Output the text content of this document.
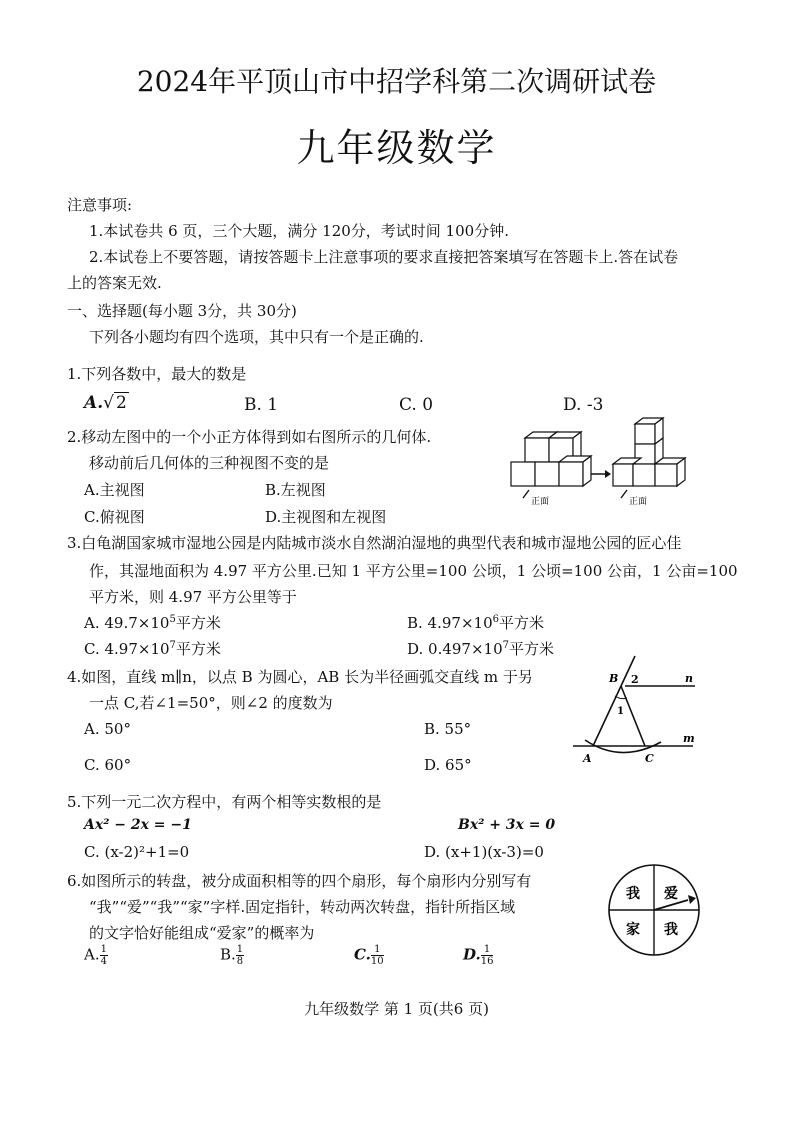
2024年平顶山市中招学科第二次调研试卷
九年级数学
注意事项:
1.本试卷共 6 页，三个大题，满分 120分，考试时间 100分钟.
2.本试卷上不要答题，请按答题卡上注意事项的要求直接把答案填写在答题卡上.答在试卷
上的答案无效.
一、选择题(每小题 3分，共 30分)
下列各小题均有四个选项，其中只有一个是正确的.
1.下列各数中，最大的数是
A.√ 2	B. 1	C. 0	D. -3
2.移动左图中的一个小正方体得到如右图所示的几何体.
移动前后几何体的三种视图不变的是
A.主视图	B.左视图
C.俯视图	D.主视图和左视图
正面	正面
3.白龟湖国家城市湿地公园是内陆城市淡水自然湖泊湿地的典型代表和城市湿地公园的匠心佳
作，其湿地面积为 4.97 平方公里.已知 1 平方公里=100 公顷，1 公顷=100 公亩，1 公亩=100
平方米，则 4.97 平方公里等于
A. $49.7\times 10^5$平方米	B. $4.97\times 10^6$平方米
C. $4.97\times 10^7$平方米	D. $0.497\times 10^7$平方米
4.如图，直线 m∥n，以点 B 为圆心，AB 长为半径画弧交直线 m 于另
一点 C,若∠1=50°，则∠2 的度数为
A. 50°	B. 55°
C. 60°	D. 65°
B 2
1
n
m
A	C
5.下列一元二次方程中，有两个相等实数根的是
Ax² − 2x = −1	Bx² + 3x = 0
C. (x-2)²+1=0	D. (x+1)(x-3)=0
6.如图所示的转盘，被分成面积相等的四个扇形，每个扇形内分别写有
“我”“爱”“我”“家”字样.固定指针，转动两次转盘，指针所指区域
的文字恰好能组成“爱家”的概率为
A. $\frac{1}{4}$	B. $\frac{1}{8}$	C. $\frac{1}{10}$	D. $\frac{1}{16}$
我 爱
家 我
九年级数学 第 1 页(共6 页)
